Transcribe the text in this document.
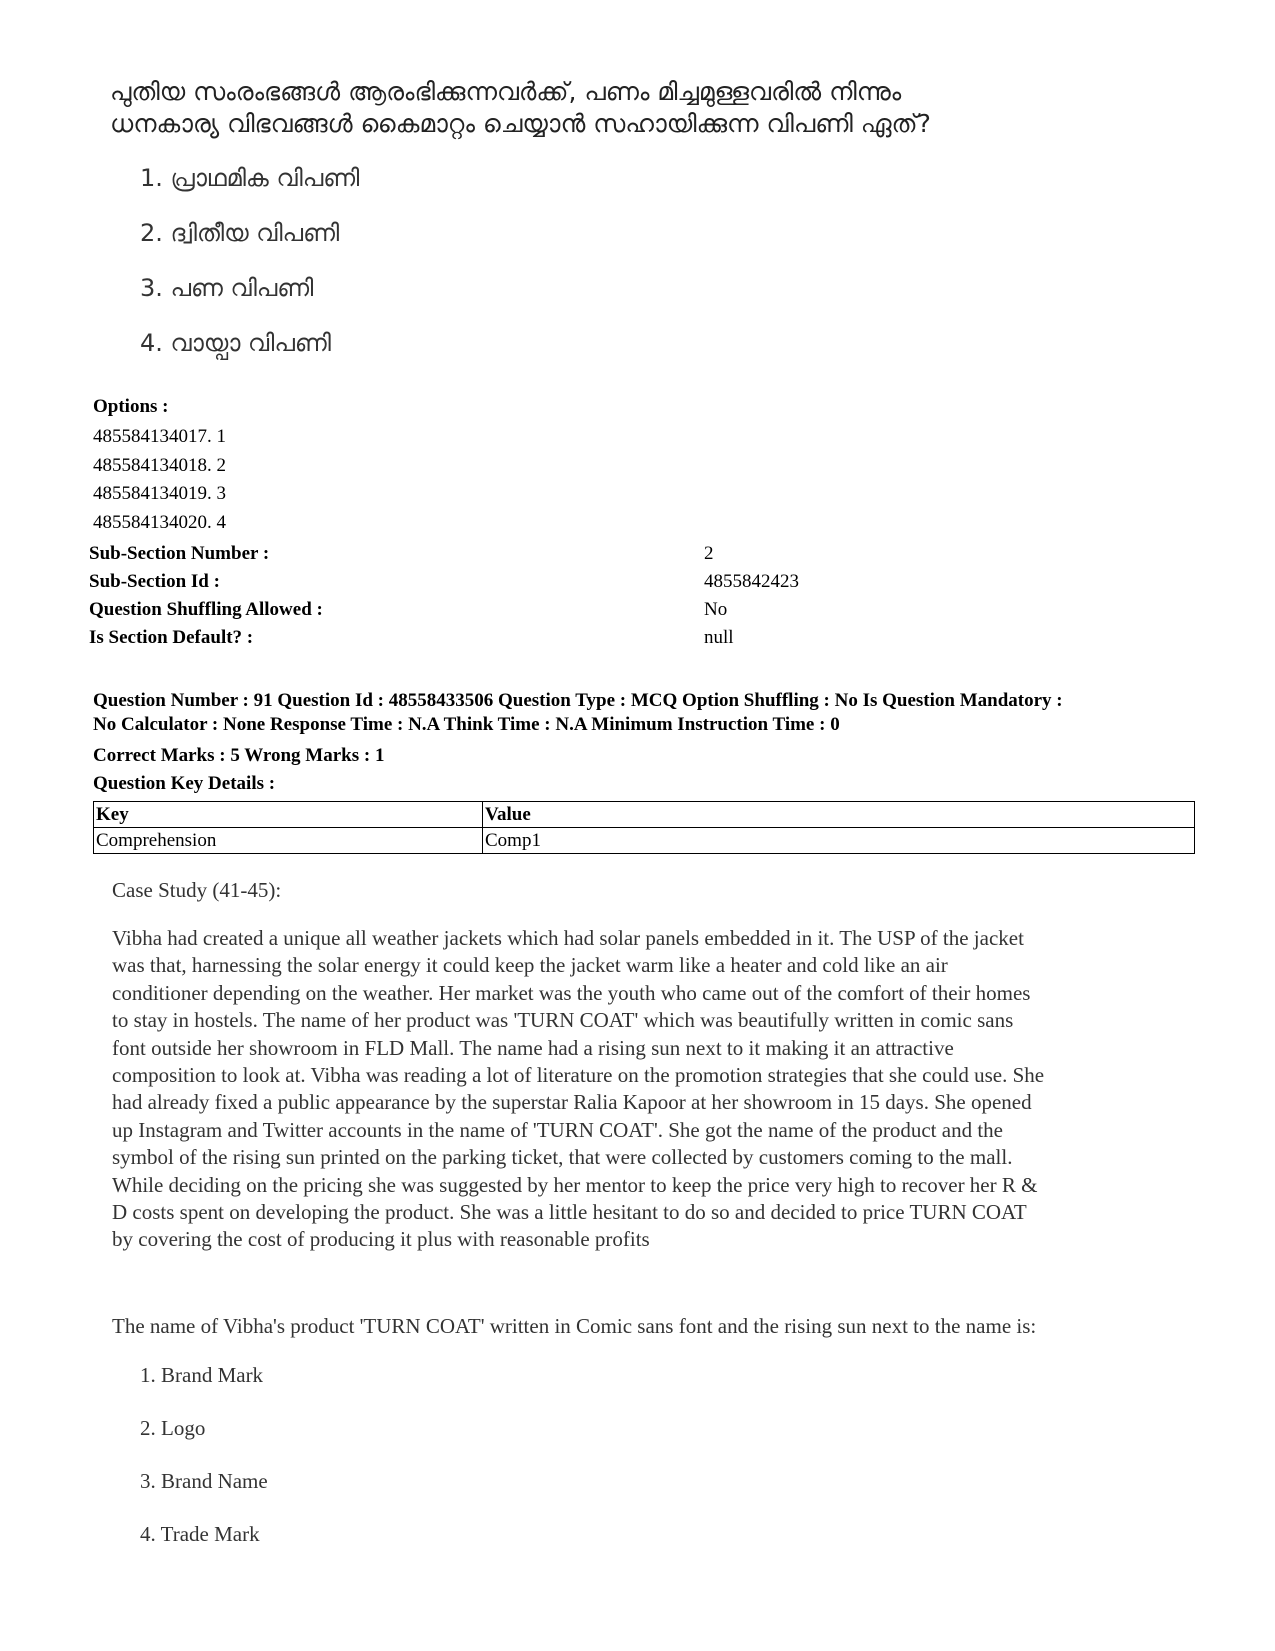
പുതിയ സംരംഭങ്ങൾ ആരംഭിക്കുന്നവർക്ക്, പണം മിച്ചമുള്ളവരിൽ നിന്നും
ധനകാര്യ വിഭവങ്ങൾ കൈമാറ്റം ചെയ്യാൻ സഹായിക്കുന്ന വിപണി ഏത്?
1. പ്രാഥമിക വിപണി
2. ദ്വിതീയ വിപണി
3. പണ വിപണി
4. വായ്പാ വിപണി
Options :
485584134017. 1
485584134018. 2
485584134019. 3
485584134020. 4
Sub-Section Number :	2
Sub-Section Id :	4855842423
Question Shuffling Allowed :	No
Is Section Default? :	null
Question Number : 91 Question Id : 48558433506 Question Type : MCQ Option Shuffling : No Is Question Mandatory :
No Calculator : None Response Time : N.A Think Time : N.A Minimum Instruction Time : 0
Correct Marks : 5 Wrong Marks : 1
Question Key Details :
Key	Value
Comprehension	Comp1
Case Study (41-45):
Vibha had created a unique all weather jackets which had solar panels embedded in it. The USP of the jacket
was that, harnessing the solar energy it could keep the jacket warm like a heater and cold like an air
conditioner depending on the weather. Her market was the youth who came out of the comfort of their homes
to stay in hostels. The name of her product was 'TURN COAT' which was beautifully written in comic sans
font outside her showroom in FLD Mall. The name had a rising sun next to it making it an attractive
composition to look at. Vibha was reading a lot of literature on the promotion strategies that she could use. She
had already fixed a public appearance by the superstar Ralia Kapoor at her showroom in 15 days. She opened
up Instagram and Twitter accounts in the name of 'TURN COAT'. She got the name of the product and the
symbol of the rising sun printed on the parking ticket, that were collected by customers coming to the mall.
While deciding on the pricing she was suggested by her mentor to keep the price very high to recover her R &
D costs spent on developing the product. She was a little hesitant to do so and decided to price TURN COAT
by covering the cost of producing it plus with reasonable profits
The name of Vibha's product 'TURN COAT' written in Comic sans font and the rising sun next to the name is:
1. Brand Mark
2. Logo
3. Brand Name
4. Trade Mark
